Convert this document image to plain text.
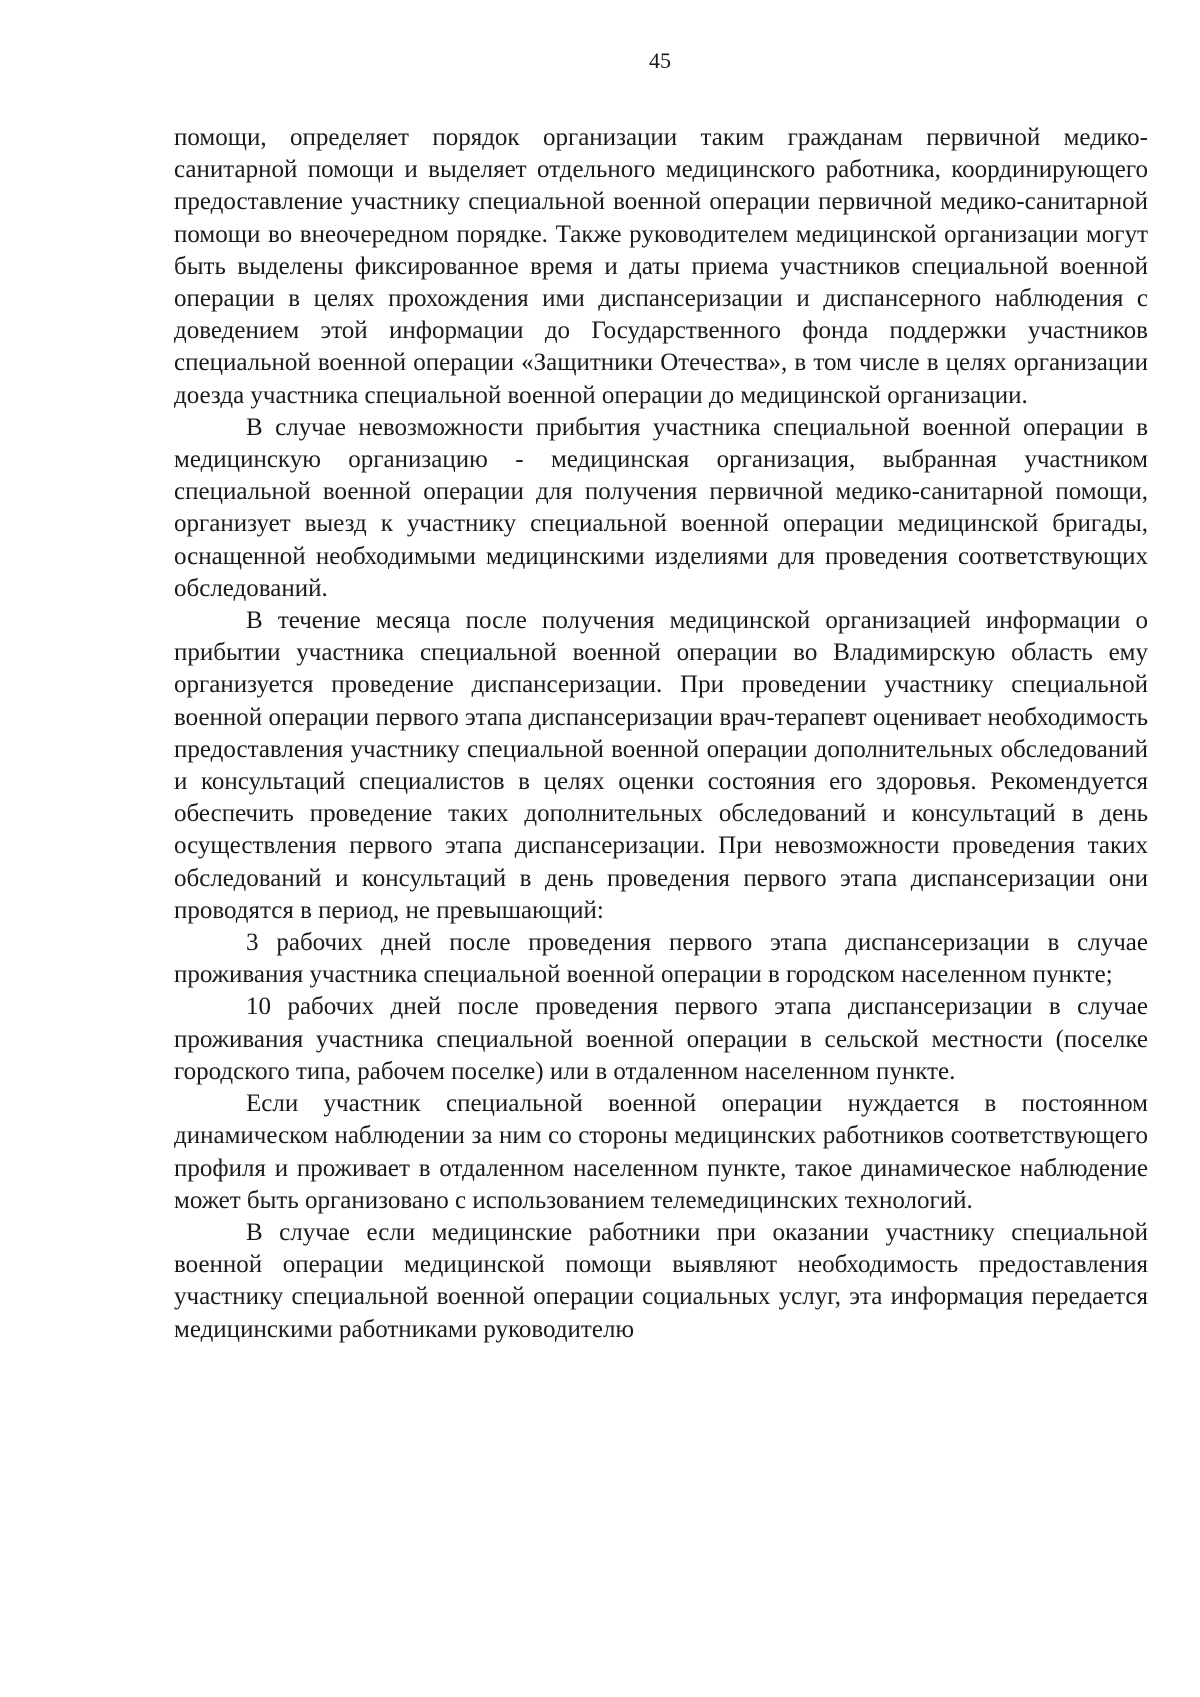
45

помощи, определяет порядок организации таким гражданам первичной медико-санитарной помощи и выделяет отдельного медицинского работника, координирующего предоставление участнику специальной военной операции первичной медико-санитарной помощи во внеочередном порядке. Также руководителем медицинской организации могут быть выделены фиксированное время и даты приема участников специальной военной операции в целях прохождения ими диспансеризации и диспансерного наблюдения с доведением этой информации до Государственного фонда поддержки участников специальной военной операции «Защитники Отечества», в том числе в целях организации доезда участника специальной военной операции до медицинской организации.

В случае невозможности прибытия участника специальной военной операции в медицинскую организацию - медицинская организация, выбранная участником специальной военной операции для получения первичной медико-санитарной помощи, организует выезд к участнику специальной военной операции медицинской бригады, оснащенной необходимыми медицинскими изделиями для проведения соответствующих обследований.

В течение месяца после получения медицинской организацией информации о прибытии участника специальной военной операции во Владимирскую область ему организуется проведение диспансеризации. При проведении участнику специальной военной операции первого этапа диспансеризации врач-терапевт оценивает необходимость предоставления участнику специальной военной операции дополнительных обследований и консультаций специалистов в целях оценки состояния его здоровья. Рекомендуется обеспечить проведение таких дополнительных обследований и консультаций в день осуществления первого этапа диспансеризации. При невозможности проведения таких обследований и консультаций в день проведения первого этапа диспансеризации они проводятся в период, не превышающий:

3 рабочих дней после проведения первого этапа диспансеризации в случае проживания участника специальной военной операции в городском населенном пункте;

10 рабочих дней после проведения первого этапа диспансеризации в случае проживания участника специальной военной операции в сельской местности (поселке городского типа, рабочем поселке) или в отдаленном населенном пункте.

Если участник специальной военной операции нуждается в постоянном динамическом наблюдении за ним со стороны медицинских работников соответствующего профиля и проживает в отдаленном населенном пункте, такое динамическое наблюдение может быть организовано с использованием телемедицинских технологий.

В случае если медицинские работники при оказании участнику специальной военной операции медицинской помощи выявляют необходимость предоставления участнику специальной военной операции социальных услуг, эта информация передается медицинскими работниками руководителю
